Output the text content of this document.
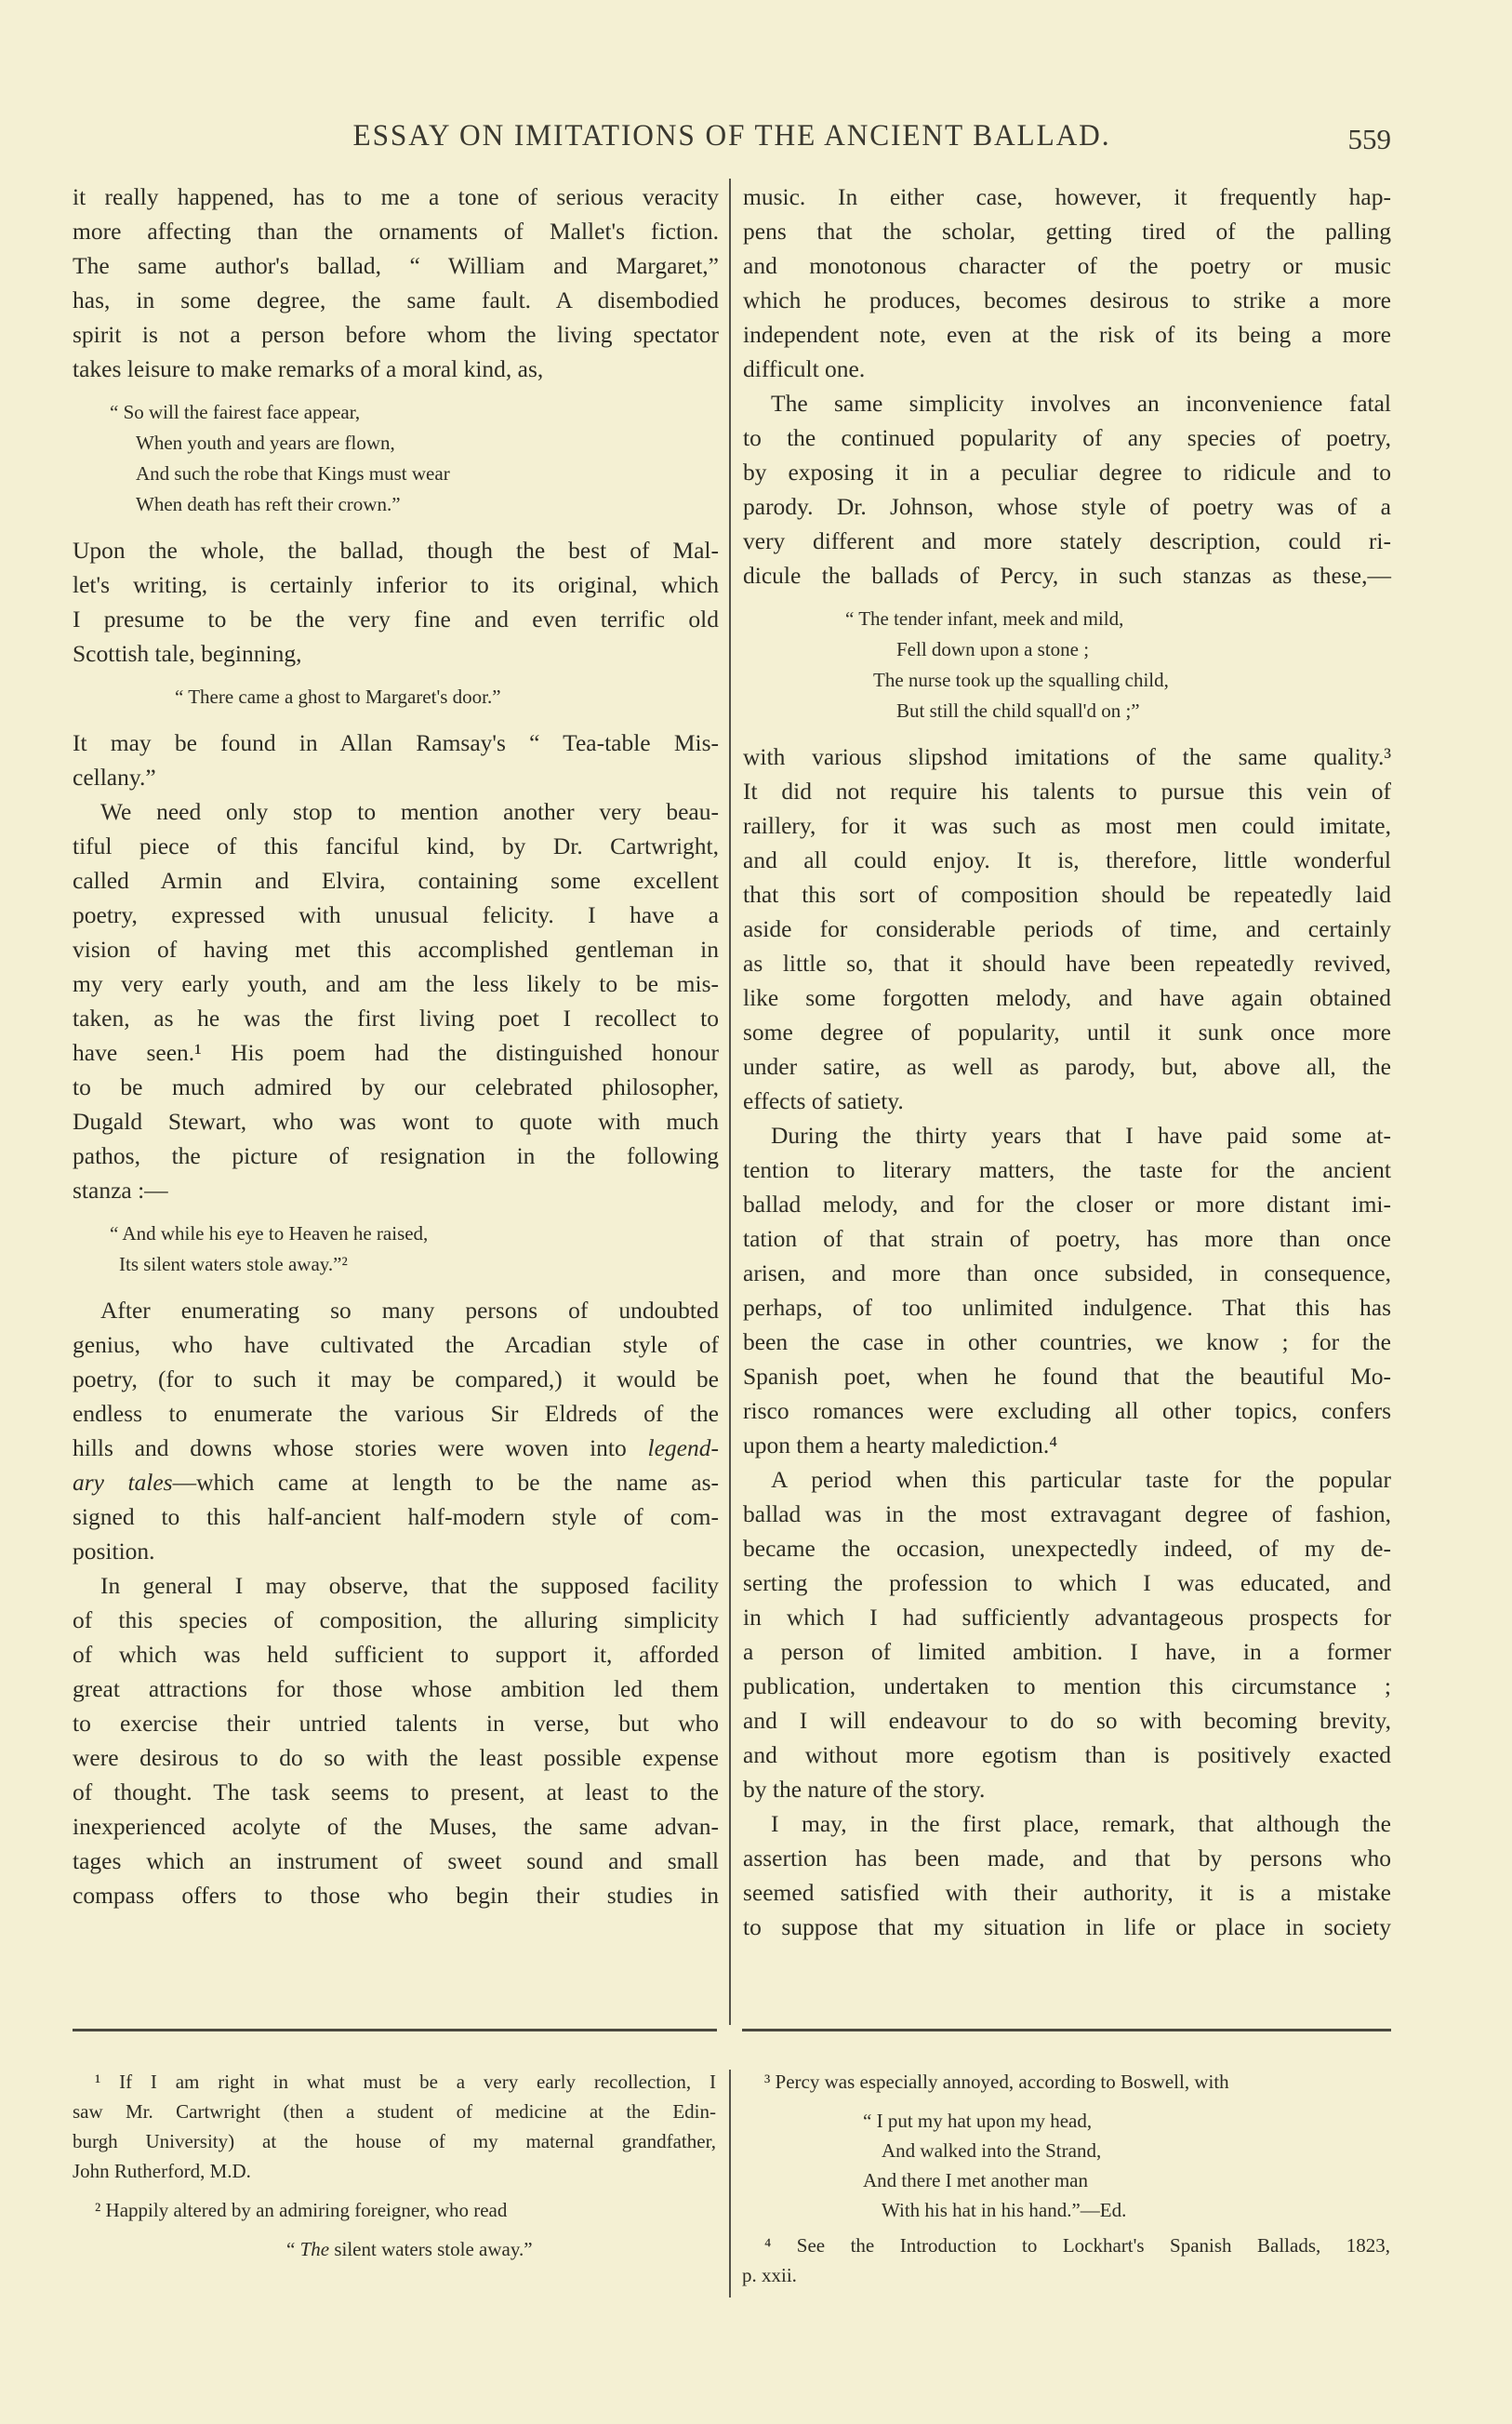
ESSAY ON IMITATIONS OF THE ANCIENT BALLAD.	559
it really happened, has to me a tone of serious veracity
more affecting than the ornaments of Mallet's fiction.
The same author's ballad, “ William and Margaret,”
has, in some degree, the same fault. A disembodied
spirit is not a person before whom the living spectator
takes leisure to make remarks of a moral kind, as,
“ So will the fairest face appear,
When youth and years are flown,
And such the robe that Kings must wear
When death has reft their crown.”
Upon the whole, the ballad, though the best of Mal-
let's writing, is certainly inferior to its original, which
I presume to be the very fine and even terrific old
Scottish tale, beginning,
“ There came a ghost to Margaret's door.”
It may be found in Allan Ramsay's “ Tea-table Mis-
cellany.”
We need only stop to mention another very beau-
tiful piece of this fanciful kind, by Dr. Cartwright,
called Armin and Elvira, containing some excellent
poetry, expressed with unusual felicity. I have a
vision of having met this accomplished gentleman in
my very early youth, and am the less likely to be mis-
taken, as he was the first living poet I recollect to
have seen.¹ His poem had the distinguished honour
to be much admired by our celebrated philosopher,
Dugald Stewart, who was wont to quote with much
pathos, the picture of resignation in the following
stanza :—
“ And while his eye to Heaven he raised,
Its silent waters stole away.”²
After enumerating so many persons of undoubted
genius, who have cultivated the Arcadian style of
poetry, (for to such it may be compared,) it would be
endless to enumerate the various Sir Eldreds of the
hills and downs whose stories were woven into legend-
ary tales—which came at length to be the name as-
signed to this half-ancient half-modern style of com-
position.
In general I may observe, that the supposed facility
of this species of composition, the alluring simplicity
of which was held sufficient to support it, afforded
great attractions for those whose ambition led them
to exercise their untried talents in verse, but who
were desirous to do so with the least possible expense
of thought. The task seems to present, at least to the
inexperienced acolyte of the Muses, the same advan-
tages which an instrument of sweet sound and small
compass offers to those who begin their studies in
music. In either case, however, it frequently hap-
pens that the scholar, getting tired of the palling
and monotonous character of the poetry or music
which he produces, becomes desirous to strike a more
independent note, even at the risk of its being a more
difficult one.
The same simplicity involves an inconvenience fatal
to the continued popularity of any species of poetry,
by exposing it in a peculiar degree to ridicule and to
parody. Dr. Johnson, whose style of poetry was of a
very different and more stately description, could ri-
dicule the ballads of Percy, in such stanzas as these,—
“ The tender infant, meek and mild,
Fell down upon a stone ;
The nurse took up the squalling child,
But still the child squall'd on ;”
with various slipshod imitations of the same quality.³
It did not require his talents to pursue this vein of
raillery, for it was such as most men could imitate,
and all could enjoy. It is, therefore, little wonderful
that this sort of composition should be repeatedly laid
aside for considerable periods of time, and certainly
as little so, that it should have been repeatedly revived,
like some forgotten melody, and have again obtained
some degree of popularity, until it sunk once more
under satire, as well as parody, but, above all, the
effects of satiety.
During the thirty years that I have paid some at-
tention to literary matters, the taste for the ancient
ballad melody, and for the closer or more distant imi-
tation of that strain of poetry, has more than once
arisen, and more than once subsided, in consequence,
perhaps, of too unlimited indulgence. That this has
been the case in other countries, we know ; for the
Spanish poet, when he found that the beautiful Mo-
risco romances were excluding all other topics, confers
upon them a hearty malediction.⁴
A period when this particular taste for the popular
ballad was in the most extravagant degree of fashion,
became the occasion, unexpectedly indeed, of my de-
serting the profession to which I was educated, and
in which I had sufficiently advantageous prospects for
a person of limited ambition. I have, in a former
publication, undertaken to mention this circumstance ;
and I will endeavour to do so with becoming brevity,
and without more egotism than is positively exacted
by the nature of the story.
I may, in the first place, remark, that although the
assertion has been made, and that by persons who
seemed satisfied with their authority, it is a mistake
to suppose that my situation in life or place in society
¹ If I am right in what must be a very early recollection, I
saw Mr. Cartwright (then a student of medicine at the Edin-
burgh University) at the house of my maternal grandfather,
John Rutherford, M.D.
² Happily altered by an admiring foreigner, who read
“ The silent waters stole away.”
³ Percy was especially annoyed, according to Boswell, with
“ I put my hat upon my head,
And walked into the Strand,
And there I met another man
With his hat in his hand.”—Ed.
⁴ See the Introduction to Lockhart's Spanish Ballads, 1823,
p. xxii.
